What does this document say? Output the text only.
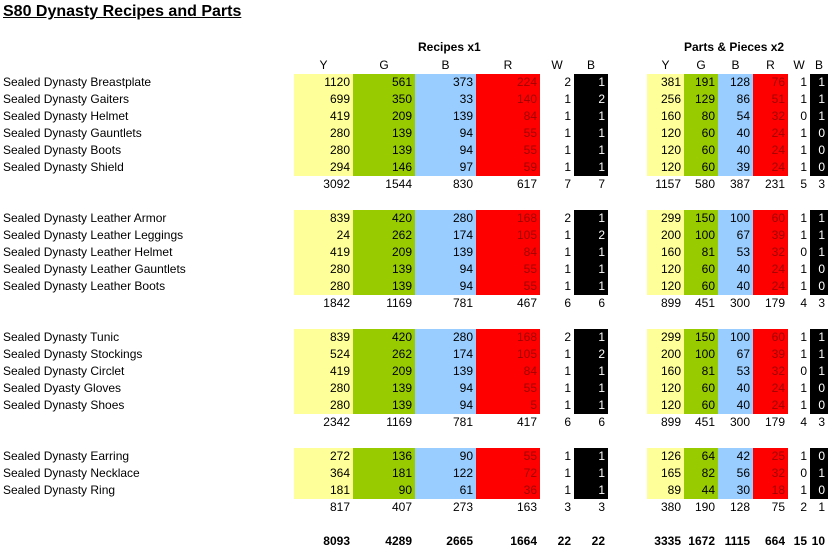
S80 Dynasty Recipes and Parts
Recipes x1	Parts & Pieces x2
Y	G	B	R	W	B	Y	G	B	R	W B
Sealed Dynasty Breastplate	1120	561	373	224	2	1	381	191	128	76	1 1
Sealed Dynasty Gaiters	699	350	33	140	1	2	256	129	86	51	1 1
Sealed Dynasty Helmet	419	209	139	84	1	1	160	80	54	32	0 1
Sealed Dynasty Gauntlets	280	139	94	55	1	1	120	60	40	24	1 0
Sealed Dynasty Boots	280	139	94	55	1	1	120	60	40	24	1 0
Sealed Dynasty Shield	294	146	97	59	1	1	120	60	39	24	1 0
3092	1544	830	617	7	7	1157	580	387	231	5 3
Sealed Dynasty Leather Armor	839	420	280	168	2	1	299	150	100	60	1 1
Sealed Dynasty Leather Leggings	24	262	174	105	1	2	200	100	67	39	1 1
Sealed Dynasty Leather Helmet	419	209	139	84	1	1	160	81	53	32	0 1
Sealed Dynasty Leather Gauntlets	280	139	94	55	1	1	120	60	40	24	1 0
Sealed Dynasty Leather Boots	280	139	94	55	1	1	120	60	40	24	1 0
1842	1169	781	467	6	6	899	451	300	179	4 3
Sealed Dynasty Tunic	839	420	280	168	2	1	299	150	100	60	1 1
Sealed Dynasty Stockings	524	262	174	105	1	2	200	100	67	39	1 1
Sealed Dynasty Circlet	419	209	139	84	1	1	160	81	53	32	0 1
Sealed Dyasty Gloves	280	139	94	55	1	1	120	60	40	24	1 0
Sealed Dynasty Shoes	280	139	94	5	1	1	120	60	40	24	1 0
2342	1169	781	417	6	6	899	451	300	179	4 3
Sealed Dynasty Earring	272	136	90	55	1	1	126	64	42	25	1 0
Sealed Dynasty Necklace	364	181	122	72	1	1	165	82	56	32	0 1
Sealed Dynasty Ring	181	90	61	36	1	1	89	44	30	18	1 0
817	407	273	163	3	3	380	190	128	75	2 1
8093	4289	2665	1664	22	22	3335 1672 1115	664 15 10
